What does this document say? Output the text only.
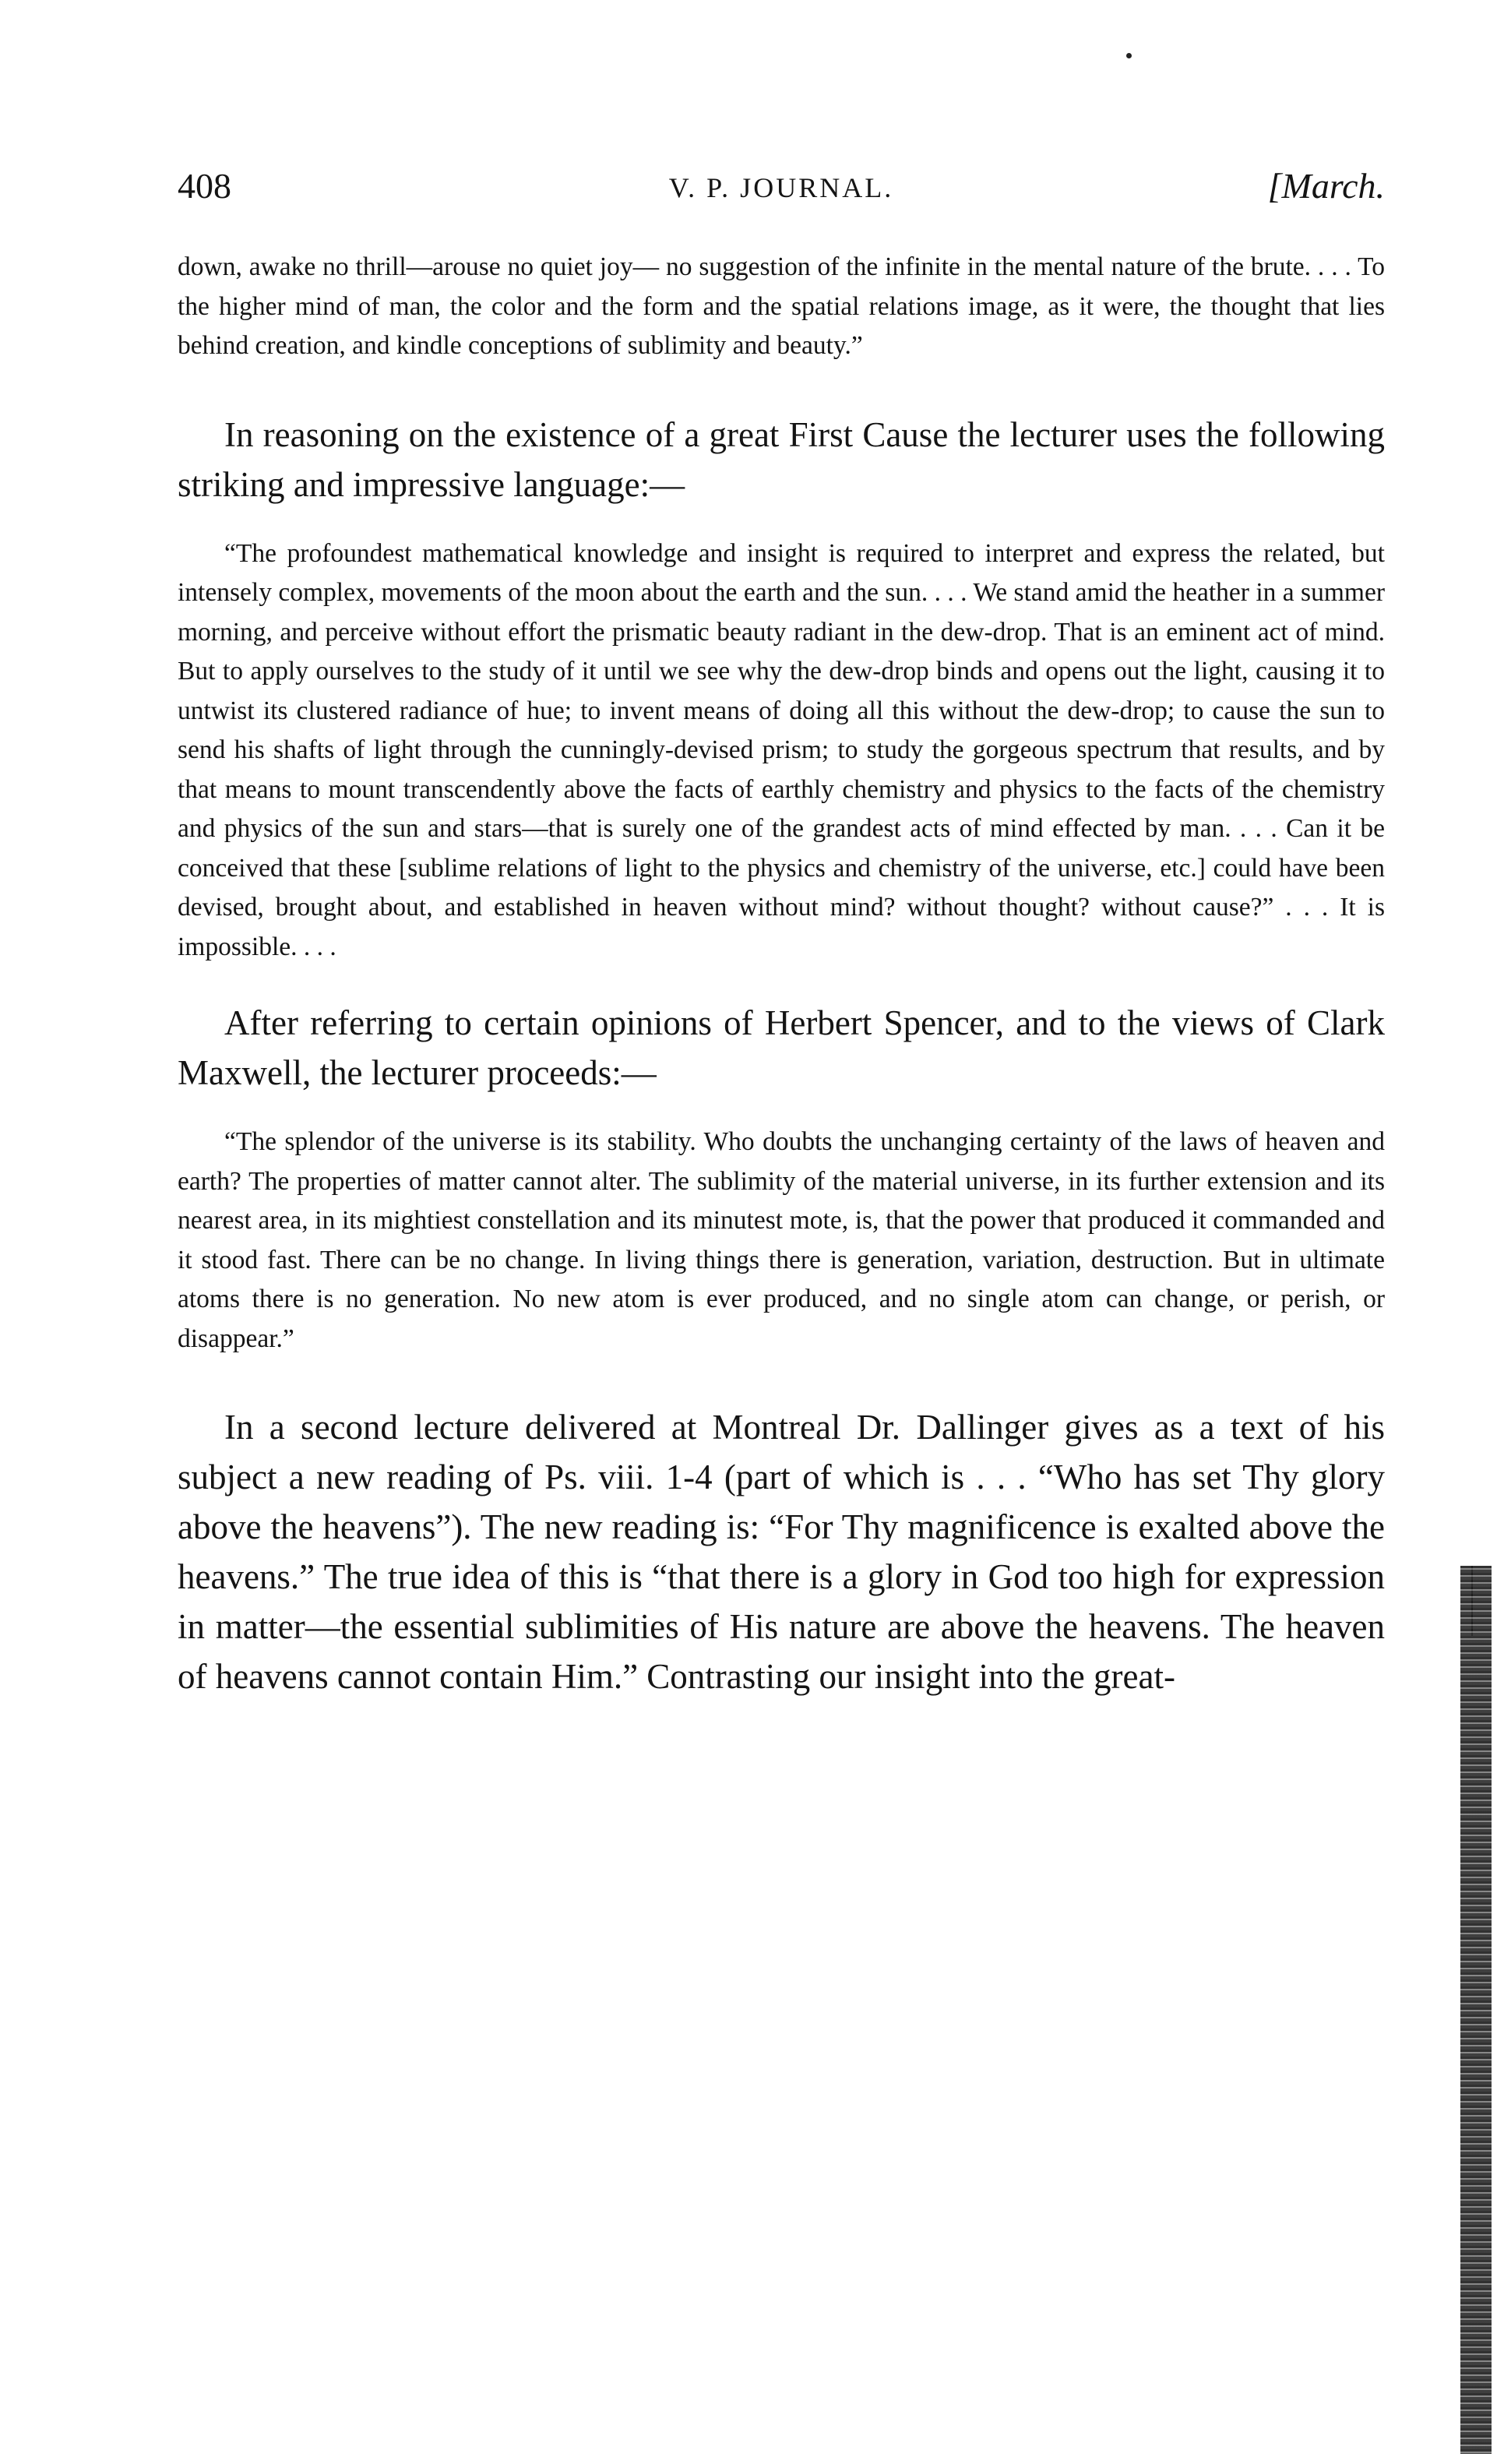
408	V. P. JOURNAL.	[March.

down, awake no thrill—arouse no quiet joy— no suggestion of the infinite in the mental nature of the brute. . . . To the higher mind of man, the color and the form and the spatial relations image, as it were, the thought that lies behind creation, and kindle conceptions of sublimity and beauty.”

In reasoning on the existence of a great First Cause the lecturer uses the following striking and impressive language:—

“The profoundest mathematical knowledge and insight is required to interpret and express the related, but intensely complex, movements of the moon about the earth and the sun. . . . We stand amid the heather in a summer morning, and perceive without effort the prismatic beauty radiant in the dew-drop. That is an eminent act of mind. But to apply ourselves to the study of it until we see why the dew-drop binds and opens out the light, causing it to untwist its clustered radiance of hue; to invent means of doing all this without the dew-drop; to cause the sun to send his shafts of light through the cunningly-devised prism; to study the gorgeous spectrum that results, and by that means to mount transcendently above the facts of earthly chemistry and physics to the facts of the chemistry and physics of the sun and stars—that is surely one of the grandest acts of mind effected by man. . . . Can it be conceived that these [sublime relations of light to the physics and chemistry of the universe, etc.] could have been devised, brought about, and established in heaven without mind? without thought? without cause?” . . . It is impossible. . . .

After referring to certain opinions of Herbert Spencer, and to the views of Clark Maxwell, the lecturer proceeds:—

“The splendor of the universe is its stability. Who doubts the unchanging certainty of the laws of heaven and earth? The properties of matter cannot alter. The sublimity of the material universe, in its further extension and its nearest area, in its mightiest constellation and its minutest mote, is, that the power that produced it commanded and it stood fast. There can be no change. In living things there is generation, variation, destruction. But in ultimate atoms there is no generation. No new atom is ever produced, and no single atom can change, or perish, or disappear.”

In a second lecture delivered at Montreal Dr. Dallinger gives as a text of his subject a new reading of Ps. viii. 1-4 (part of which is . . . “Who has set Thy glory above the heavens”). The new reading is: “For Thy magnificence is exalted above the heavens.” The true idea of this is “that there is a glory in God too high for expression in matter—the essential sublimities of His nature are above the heavens. The heaven of heavens cannot contain Him.” Contrasting our insight into the great-
